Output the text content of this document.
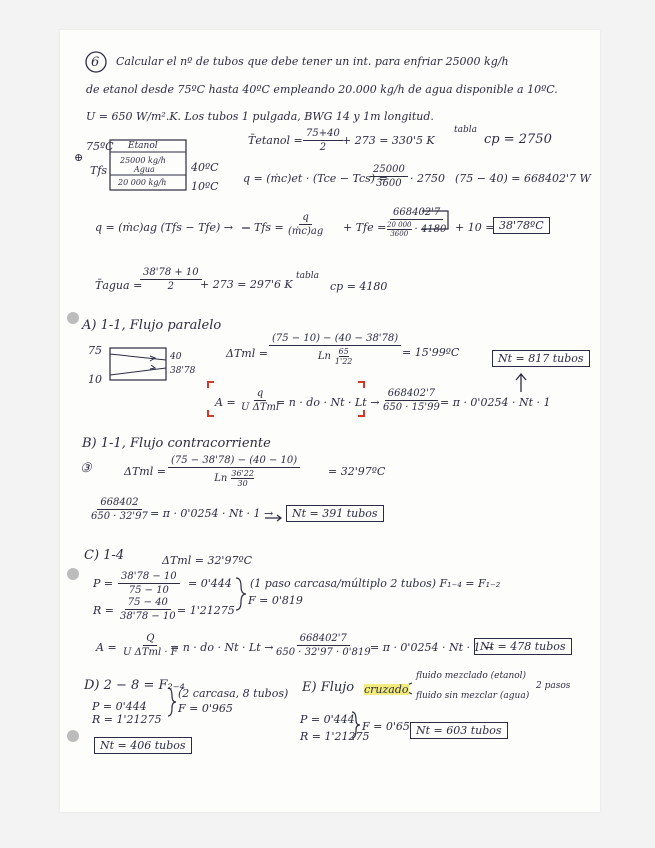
6 Calcular el nº de tubos que debe tener un int. para enfriar 25000 kg/h
de etanol desde 75ºC hasta 40ºC empleando 20.000 kg/h de agua disponible a 10ºC.
U = 650 W/m².K. Los tubos 1 pulgada, BWG 14 y 1m longitud.
75ºC Etanol
25000 kg/h
Agua
20 000 kg/h
40ºC
10ºC
Tfs
⊕
T̄etanol = $\frac{75+40}{2} + 273 = 330'5$ K
tabla
cp = 2750
q = (ṁc)et · (Tce − Tcs) =
$\frac{25000}{3600} \cdot 2750$ (75 − 40) = 668402'7 W
q = (ṁc)ag (Tfs − Tfe) → Tfs = $\frac{q}{\text{(ṁc)ag}}$ + Tfe =
668402'7
20 000
3600 · 4180 + 10 = 38'78ºC
T̄agua =
$\frac{38'78 + 10}{2}$
+ 273 = 297'6 K
tabla
cp = 4180
A) 1-1, Flujo paralelo
75
10
40
38'78
ΔTml = (75 − 10) − (40 − 38'78)
Ln 65
1'22 = 15'99ºC	Nt = 817 tubos
A =
q
U ΔTml
= n · do · $Nt \cdot Lt \to \frac{668402'7}{650 \cdot 15'99}$
= π · 0'0254 · Nt · 1
B) 1-1, Flujo contracorriente
③	ΔTml = (75 − 38'78) − (40 − 10)
Ln 36'22
30	= 32'97ºC
$\frac{668402}{650 \cdot 32'97} = \pi \cdot 0'0254 \cdot Nt \cdot 1$ →	Nt = 391 tubos
C) 1-4	ΔTml = 32'97ºC
$P = \frac{38'78 - 10}{75 - 10} = 0'444$
$R = \frac{75 - 40}{38'78 - 10}$
= 1'21275
(1 paso carcasa/múltiplo 2 tubos) F₁₋₄ = F₁₋₂
F = 0'819
A =
Q
U ΔTml · F
= n · do · $Nt \cdot Lt \to \frac{668402'7}{650 \cdot 32'97 \cdot 0'819}$
= π · 0'0254 · Nt · 1 →
Nt = 478 tubos
D) 2 − 8 = F₂₋₄
(2 carcasa, 8 tubos)
P = 0'444
R = 1'21275
F = 0'965
Nt = 406 tubos
E) Flujo cruzado
fluido mezclado (etanol)
fluido sin mezclar (agua)
2 pasos
P = 0'444
R = 1'21275
F = 0'65 Nt = 603 tubos
